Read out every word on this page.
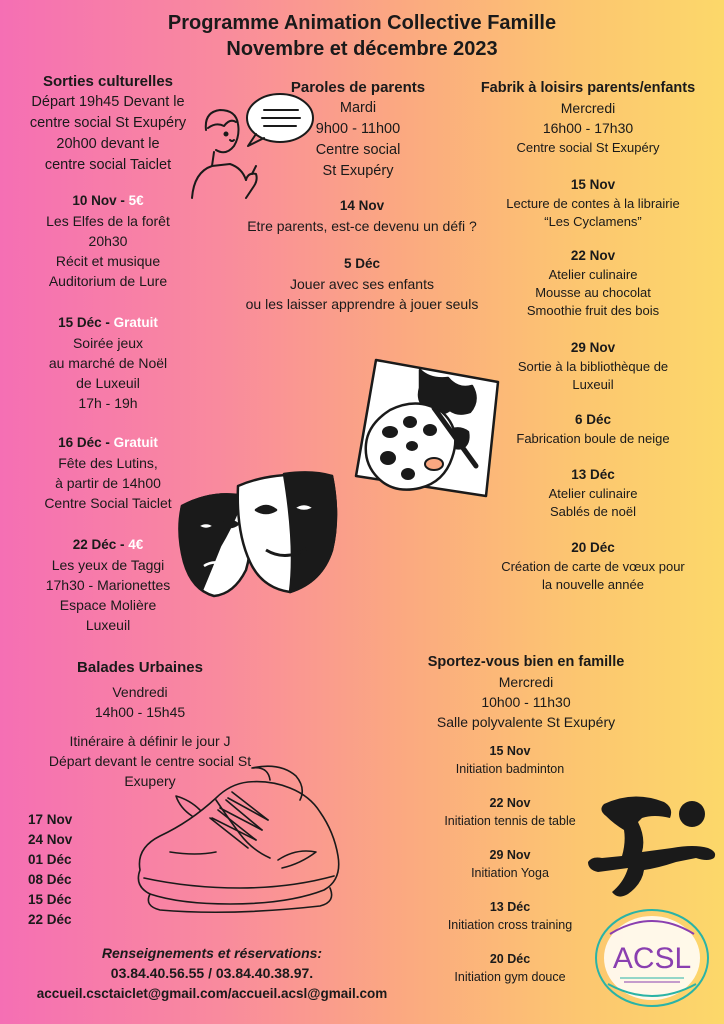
Programme Animation Collective Famille
Novembre et décembre 2023
Sorties culturelles
Départ 19h45 Devant le
centre social St Exupéry
20h00 devant le
centre social Taiclet
10 Nov - 5€
Les Elfes de la forêt
20h30
Récit et musique
Auditorium de Lure
15 Déc - Gratuit
Soirée jeux
au marché de Noël
de Luxeuil
17h - 19h
16 Déc - Gratuit
Fête des Lutins,
à partir de 14h00
Centre Social Taiclet
22 Déc - 4€
Les yeux de Taggi
17h30 - Marionettes
Espace Molière
Luxeuil
Paroles de parents
Mardi
9h00 - 11h00
Centre social
St Exupéry
14 Nov
Etre parents, est-ce devenu un défi ?
5 Déc
Jouer avec ses enfants
ou les laisser apprendre à jouer seuls
Fabrik à loisirs parents/enfants
Mercredi
16h00 - 17h30
Centre social St Exupéry
15 Nov
Lecture de contes à la librairie
“Les Cyclamens”
22 Nov
Atelier culinaire
Mousse au chocolat
Smoothie fruit des bois
29 Nov
Sortie à la bibliothèque de
Luxeuil
6 Déc
Fabrication boule de neige
13 Déc
Atelier culinaire
Sablés de noël
20 Déc
Création de carte de vœux pour
la nouvelle année
Balades Urbaines
Vendredi
14h00 - 15h45
Itinéraire à définir le jour J
Départ devant le centre social St
Exupery
17 Nov
24 Nov
01 Déc
08 Déc
15 Déc
22 Déc
Sportez-vous bien en famille
Mercredi
10h00 - 11h30
Salle polyvalente St Exupéry
15 Nov
Initiation badminton
22 Nov
Initiation tennis de table
29 Nov
Initiation Yoga
13 Déc
Initiation cross training
20 Déc
Initiation gym douce
ACSL
Renseignements et réservations:
03.84.40.56.55 / 03.84.40.38.97.
accueil.csctaiclet@gmail.com/accueil.acsl@gmail.com
